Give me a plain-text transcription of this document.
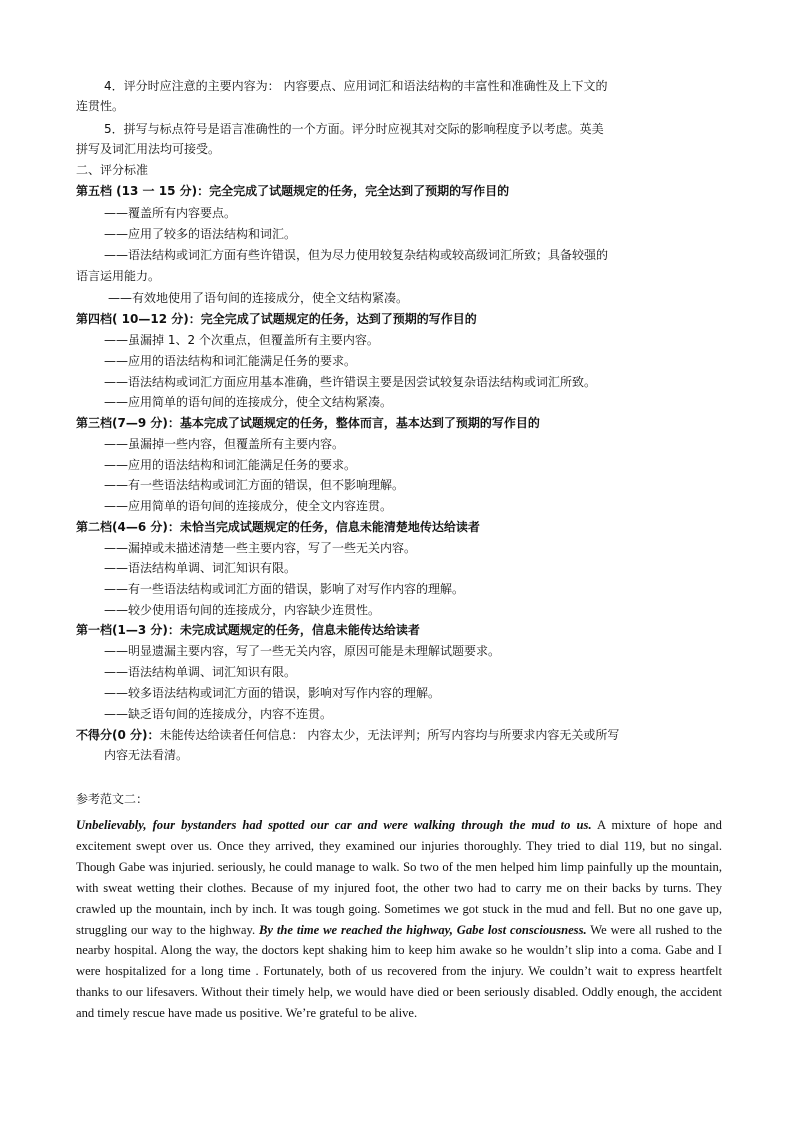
4．评分时应注意的主要内容为： 内容要点、应用词汇和语法结构的丰富性和准确性及上下文的
连贯性。
5．拼写与标点符号是语言准确性的一个方面。评分时应视其对交际的影响程度予以考虑。英美
拼写及词汇用法均可接受。
二、评分标准
第五档 (13 一 15 分)：完全完成了试题规定的任务，完全达到了预期的写作目的
——覆盖所有内容要点。
——应用了较多的语法结构和词汇。
——语法结构或词汇方面有些许错误，但为尽力使用较复杂结构或较高级词汇所致；具备较强的
语言运用能力。
——有效地使用了语句间的连接成分，使全文结构紧凑。
第四档( 10—12 分)：完全完成了试题规定的任务，达到了预期的写作目的
——虽漏掉 1、2 个次重点，但覆盖所有主要内容。
——应用的语法结构和词汇能满足任务的要求。
——语法结构或词汇方面应用基本准确，些许错误主要是因尝试较复杂语法结构或词汇所致。
——应用简单的语句间的连接成分，使全文结构紧凑。
第三档(7—9 分)：基本完成了试题规定的任务，整体而言，基本达到了预期的写作目的
——虽漏掉一些内容，但覆盖所有主要内容。
——应用的语法结构和词汇能满足任务的要求。
——有一些语法结构或词汇方面的错误，但不影响理解。
——应用简单的语句间的连接成分，使全文内容连贯。
第二档(4—6 分)：未恰当完成试题规定的任务，信息未能清楚地传达给读者
——漏掉或未描述清楚一些主要内容，写了一些无关内容。
——语法结构单调、词汇知识有限。
——有一些语法结构或词汇方面的错误，影响了对写作内容的理解。
——较少使用语句间的连接成分，内容缺少连贯性。
第一档(1—3 分)：未完成试题规定的任务，信息未能传达给读者
——明显遗漏主要内容，写了一些无关内容，原因可能是未理解试题要求。
——语法结构单调、词汇知识有限。
——较多语法结构或词汇方面的错误，影响对写作内容的理解。
——缺乏语句间的连接成分，内容不连贯。
不得分(0 分)：未能传达给读者任何信息： 内容太少，无法评判；所写内容均与所要求内容无关或所写
内容无法看清。
参考范文二：
Unbelievably, four bystanders had spotted our car and were walking through the mud to us. A mixture of hope and excitement swept over us. Once they arrived, they examined our injuries thoroughly. They tried to dial 119, but no singal. Though Gabe was injuried. seriously, he could manage to walk. So two of the men helped him limp painfully up the mountain, with sweat wetting their clothes. Because of my injured foot, the other two had to carry me on their backs by turns. They crawled up the mountain, inch by inch. It was tough going. Sometimes we got stuck in the mud and fell. But no one gave up, struggling our way to the highway. By the time we reached the highway, Gabe lost consciousness. We were all rushed to the nearby hospital. Along the way, the doctors kept shaking him to keep him awake so he wouldn’t slip into a coma. Gabe and I were hospitalized for a long time . Fortunately, both of us recovered from the injury. We couldn’t wait to express heartfelt thanks to our lifesavers. Without their timely help, we would have died or been seriously disabled. Oddly enough, the accident and timely rescue have made us positive. We’re grateful to be alive.
